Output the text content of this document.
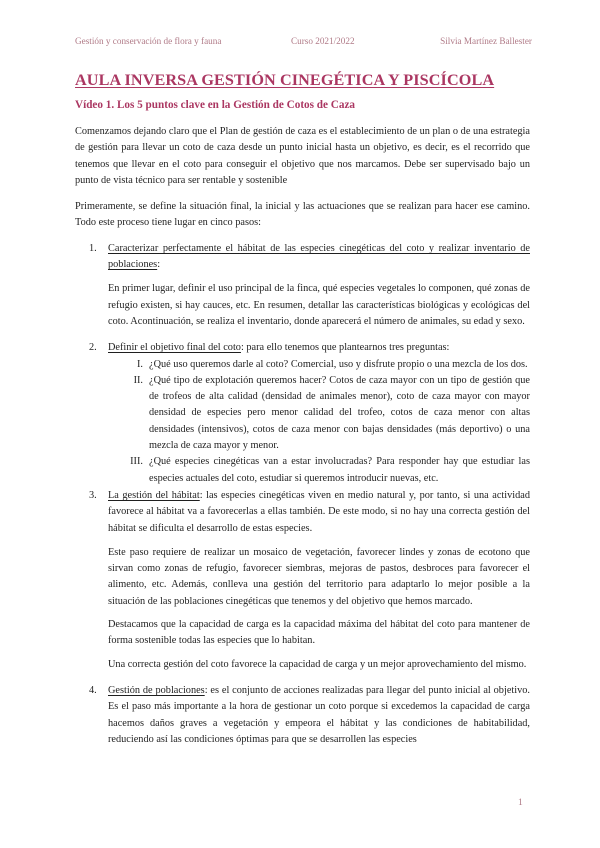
Gestión y conservación de flora y fauna	Curso 2021/2022	Silvia Martínez Ballester
AULA INVERSA GESTIÓN CINEGÉTICA Y PISCÍCOLA
Vídeo 1. Los 5 puntos clave en la Gestión de Cotos de Caza

Comenzamos dejando claro que el Plan de gestión de caza es el establecimiento de un plan o de una estrategia de gestión para llevar un coto de caza desde un punto inicial hasta un objetivo, es decir, es el recorrido que tenemos que llevar en el coto para conseguir el objetivo que nos marcamos. Debe ser supervisado bajo un punto de vista técnico para ser rentable y sostenible

Primeramente, se define la situación final, la inicial y las actuaciones que se realizan para hacer ese camino. Todo este proceso tiene lugar en cinco pasos:

1. Caracterizar perfectamente el hábitat de las especies cinegéticas del coto y realizar inventario de poblaciones:

En primer lugar, definir el uso principal de la finca, qué especies vegetales lo componen, qué zonas de refugio existen, si hay cauces, etc. En resumen, detallar las características biológicas y ecológicas del coto. Acontinuación, se realiza el inventario, donde aparecerá el número de animales, su edad y sexo.

2. Definir el objetivo final del coto: para ello tenemos que plantearnos tres preguntas:
I. ¿Qué uso queremos darle al coto? Comercial, uso y disfrute propio o una mezcla de los dos.
II. ¿Qué tipo de explotación queremos hacer? Cotos de caza mayor con un tipo de gestión que de trofeos de alta calidad (densidad de animales menor), coto de caza mayor con mayor densidad de especies pero menor calidad del trofeo, cotos de caza menor con altas densidades (intensivos), cotos de caza menor con bajas densidades (más deportivo) o una mezcla de caza mayor y menor.
III. ¿Qué especies cinegéticas van a estar involucradas? Para responder hay que estudiar las especies actuales del coto, estudiar si queremos introducir nuevas, etc.
3. La gestión del hábitat: las especies cinegéticas viven en medio natural y, por tanto, si una actividad favorece al hábitat va a favorecerlas a ellas también. De este modo, si no hay una correcta gestión del hábitat se dificulta el desarrollo de estas especies.

Este paso requiere de realizar un mosaico de vegetación, favorecer lindes y zonas de ecotono que sirvan como zonas de refugio, favorecer siembras, mejoras de pastos, desbroces para favorecer el alimento, etc. Además, conlleva una gestión del territorio para adaptarlo lo mejor posible a la situación de las poblaciones cinegéticas que tenemos y del objetivo que hemos marcado.

Destacamos que la capacidad de carga es la capacidad máxima del hábitat del coto para mantener de forma sostenible todas las especies que lo habitan.

Una correcta gestión del coto favorece la capacidad de carga y un mejor aprovechamiento del mismo.

4. Gestión de poblaciones: es el conjunto de acciones realizadas para llegar del punto inicial al objetivo. Es el paso más importante a la hora de gestionar un coto porque si excedemos la capacidad de carga hacemos daños graves a vegetación y empeora el hábitat y las condiciones de habitabilidad, reduciendo así las condiciones óptimas para que se desarrollen las especies
1
